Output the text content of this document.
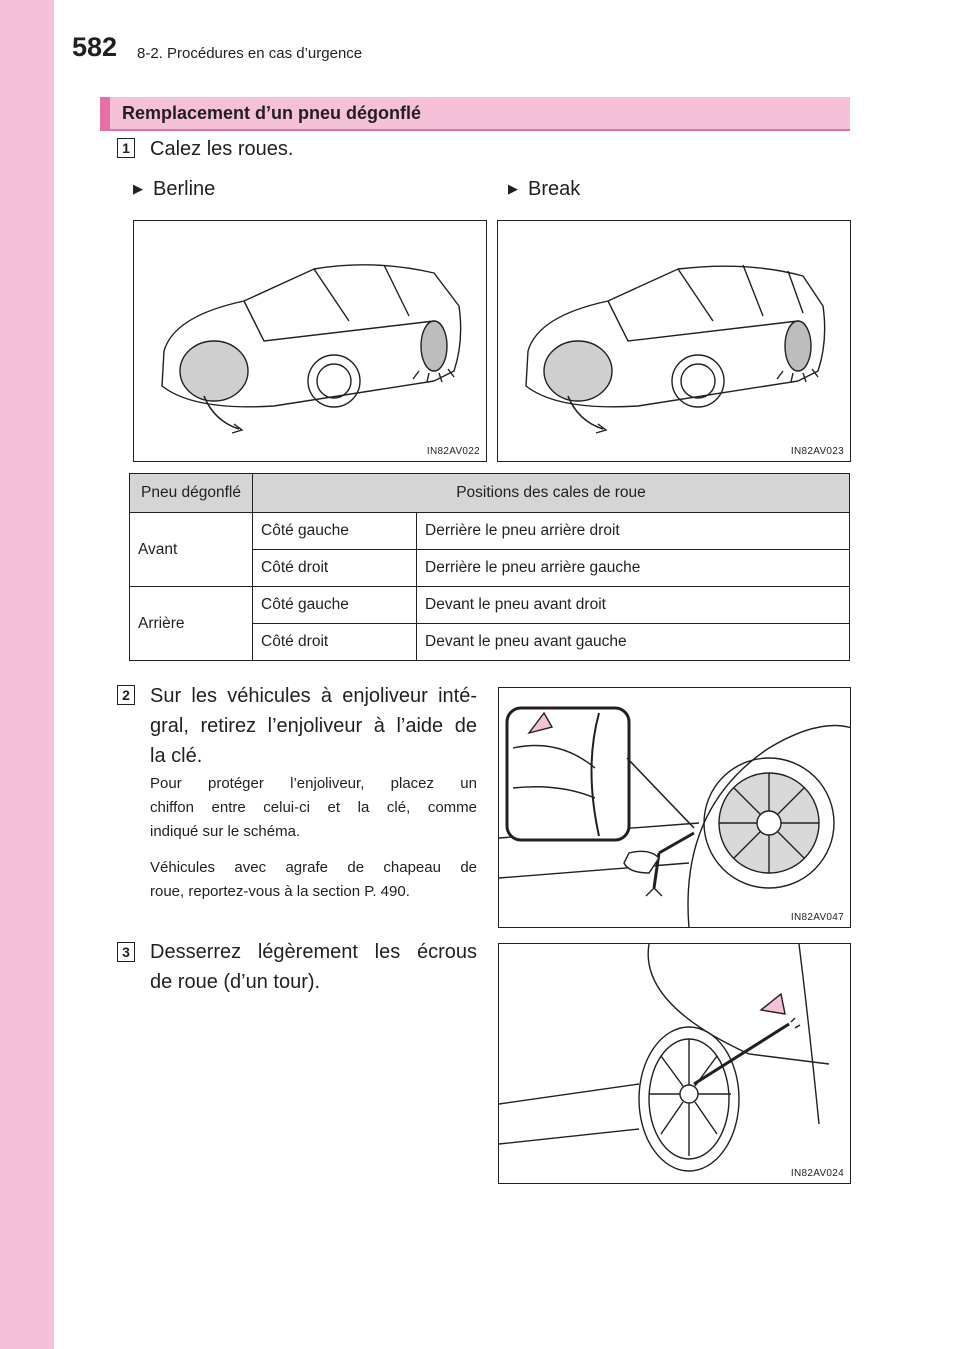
582 8-2. Procédures en cas d’urgence
Remplacement d’un pneu dégonflé
1 Calez les roues.
▶ Berline	▶ Break
IN82AV022	IN82AV023
Pneu dégonflé	Positions des cales de roue	
Avant	Côté gauche	Derrière le pneu arrière droit
	Côté droit	Derrière le pneu arrière gauche
Arrière	Côté gauche	Devant le pneu avant droit
	Côté droit	Devant le pneu avant gauche
2 Sur les véhicules à enjoliveur inté-
gral, retirez l’enjoliveur à l’aide de
la clé.
Pour protéger l’enjoliveur, placez un
chiffon entre celui-ci et la clé, comme
indiqué sur le schéma.
Véhicules avec agrafe de chapeau de
roue, reportez-vous à la section P. 490.
IN82AV047
3 Desserrez légèrement les écrous
de roue (d’un tour).
IN82AV024
